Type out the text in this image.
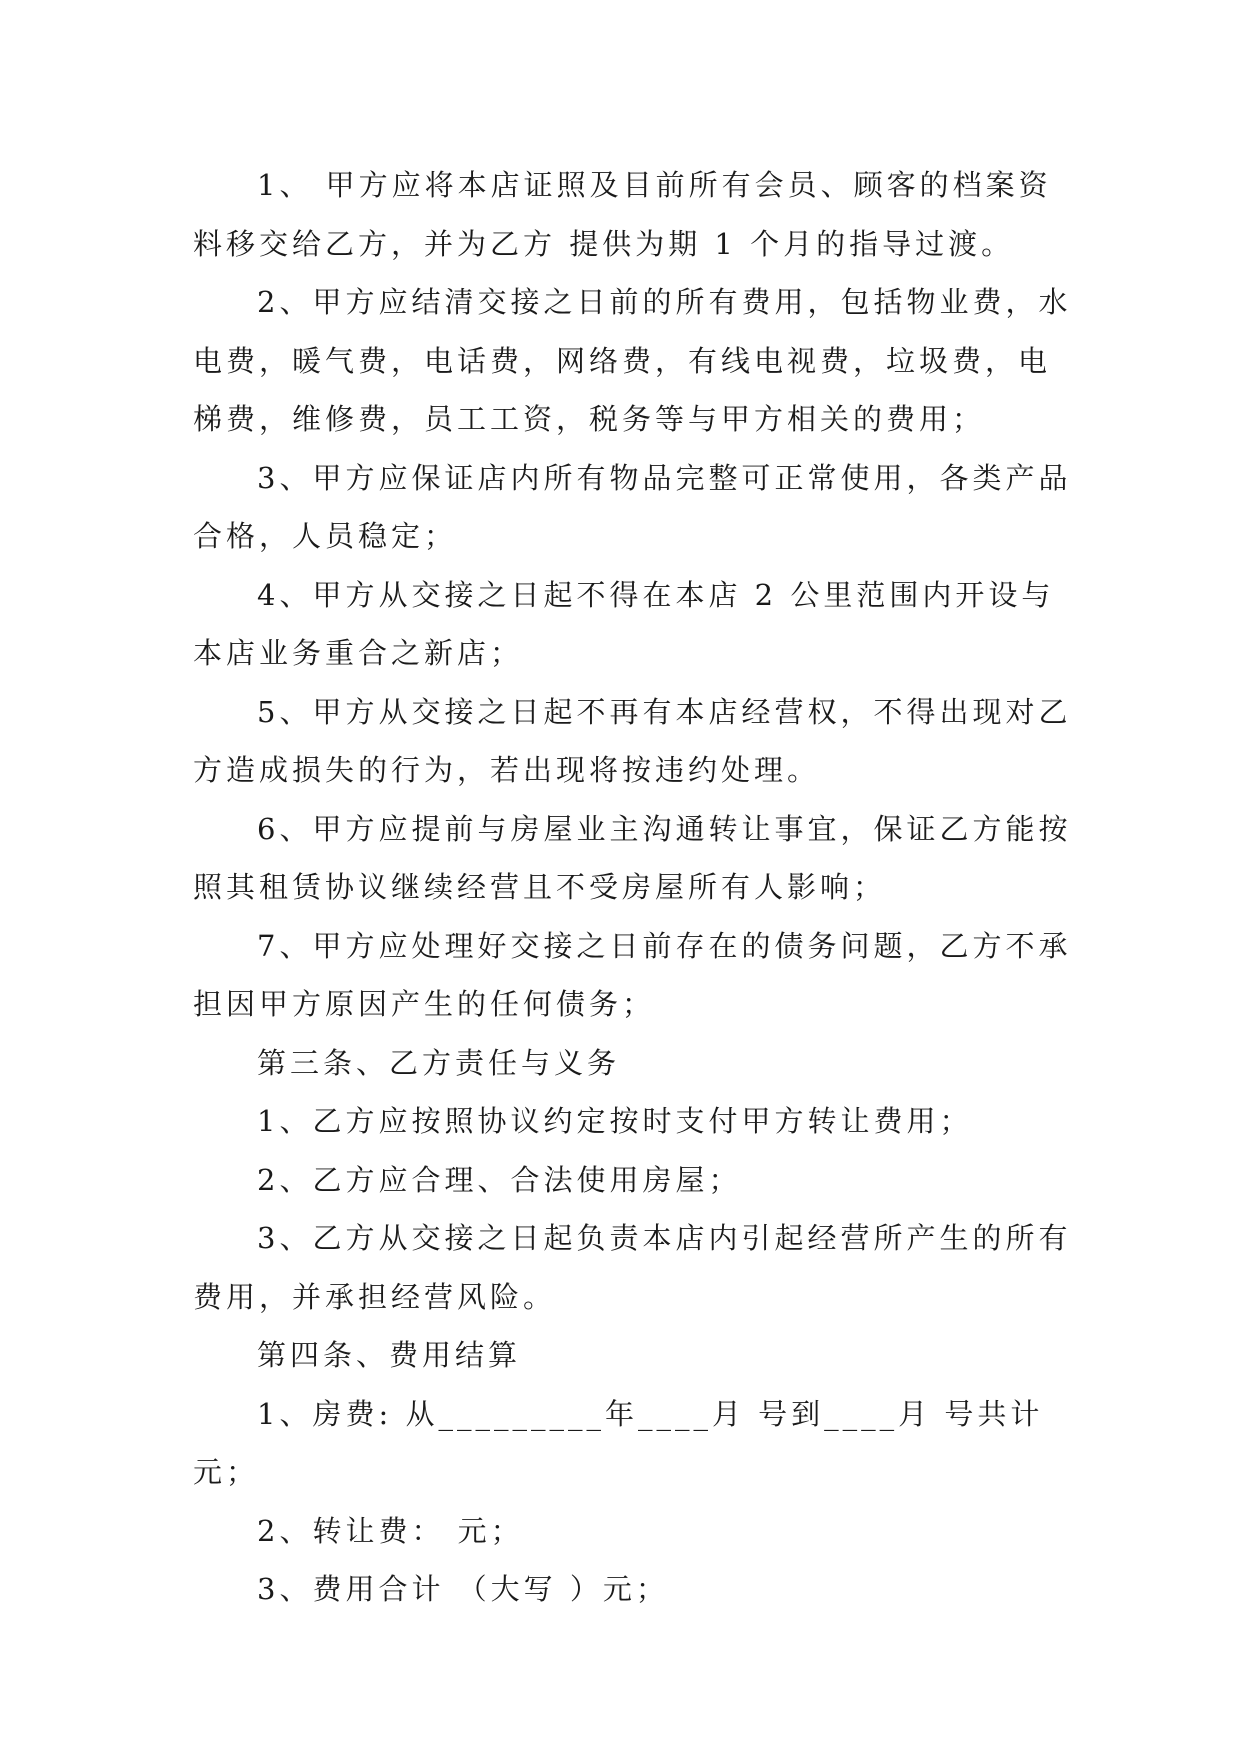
1、 甲方应将本店证照及目前所有会员、顾客的档案资料移交给乙方，并为乙方 提供为期 1 个月的指导过渡。

2、甲方应结清交接之日前的所有费用，包括物业费，水电费，暖气费，电话费，网络费，有线电视费，垃圾费，电梯费，维修费，员工工资，税务等与甲方相关的费用；

3、甲方应保证店内所有物品完整可正常使用，各类产品合格，人员稳定；

4、甲方从交接之日起不得在本店 2 公里范围内开设与本店业务重合之新店；

5、甲方从交接之日起不再有本店经营权，不得出现对乙方造成损失的行为，若出现将按违约处理。

6、甲方应提前与房屋业主沟通转让事宜，保证乙方能按照其租赁协议继续经营且不受房屋所有人影响；

7、甲方应处理好交接之日前存在的债务问题，乙方不承担因甲方原因产生的任何债务；

第三条、乙方责任与义务

1、乙方应按照协议约定按时支付甲方转让费用；

2、乙方应合理、合法使用房屋；

3、乙方从交接之日起负责本店内引起经营所产生的所有费用，并承担经营风险。

第四条、费用结算

1、房费: 从_________年____月 号到____月 号共计 元；

2、转让费： 元；

3、费用合计 （大写 ）元；
